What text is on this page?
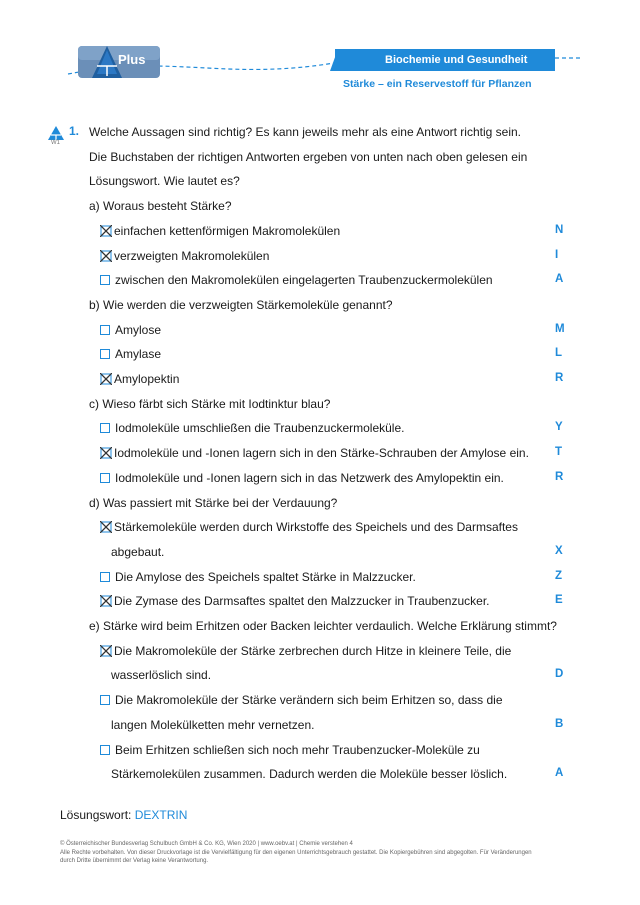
Plus	Biochemie und Gesundheit
Stärke – ein Reservestoff für Pflanzen
1.
W1
Welche Aussagen sind richtig? Es kann jeweils mehr als eine Antwort richtig sein.
Die Buchstaben der richtigen Antworten ergeben von unten nach oben gelesen ein
Lösungswort. Wie lautet es?
a) Woraus besteht Stärke?
einfachen kettenförmigen Makromolekülen	N
verzweigten Makromolekülen	I
zwischen den Makromolekülen eingelagerten Traubenzuckermolekülen	A
b) Wie werden die verzweigten Stärkemoleküle genannt?
Amylose	M
Amylase	L
Amylopektin	R
c) Wieso färbt sich Stärke mit Iodtinktur blau?
Iodmoleküle umschließen die Traubenzuckermoleküle.	Y
Iodmoleküle und -Ionen lagern sich in den Stärke-Schrauben der Amylose ein. T
Iodmoleküle und -Ionen lagern sich in das Netzwerk des Amylopektin ein.	R
d) Was passiert mit Stärke bei der Verdauung?
Stärkemoleküle werden durch Wirkstoffe des Speichels und des Darmsaftes
abgebaut.	X
Die Amylose des Speichels spaltet Stärke in Malzzucker.	Z
Die Zymase des Darmsaftes spaltet den Malzzucker in Traubenzucker.	E
e) Stärke wird beim Erhitzen oder Backen leichter verdaulich. Welche Erklärung stimmt?
Die Makromoleküle der Stärke zerbrechen durch Hitze in kleinere Teile, die
wasserlöslich sind.	D
Die Makromoleküle der Stärke verändern sich beim Erhitzen so, dass die
langen Molekülketten mehr vernetzen.	B
Beim Erhitzen schließen sich noch mehr Traubenzucker-Moleküle zu
Stärkemolekülen zusammen. Dadurch werden die Moleküle besser löslich.	A
Lösungswort: DEXTRIN
© Österreichischer Bundesverlag Schulbuch GmbH & Co. KG, Wien 2020 | www.oebv.at | Chemie verstehen 4
Alle Rechte vorbehalten. Von dieser Druckvorlage ist die Vervielfältigung für den eigenen Unterrichtsgebrauch gestattet. Die Kopiergebühren sind abgegolten. Für Veränderungen
durch Dritte übernimmt der Verlag keine Verantwortung.
